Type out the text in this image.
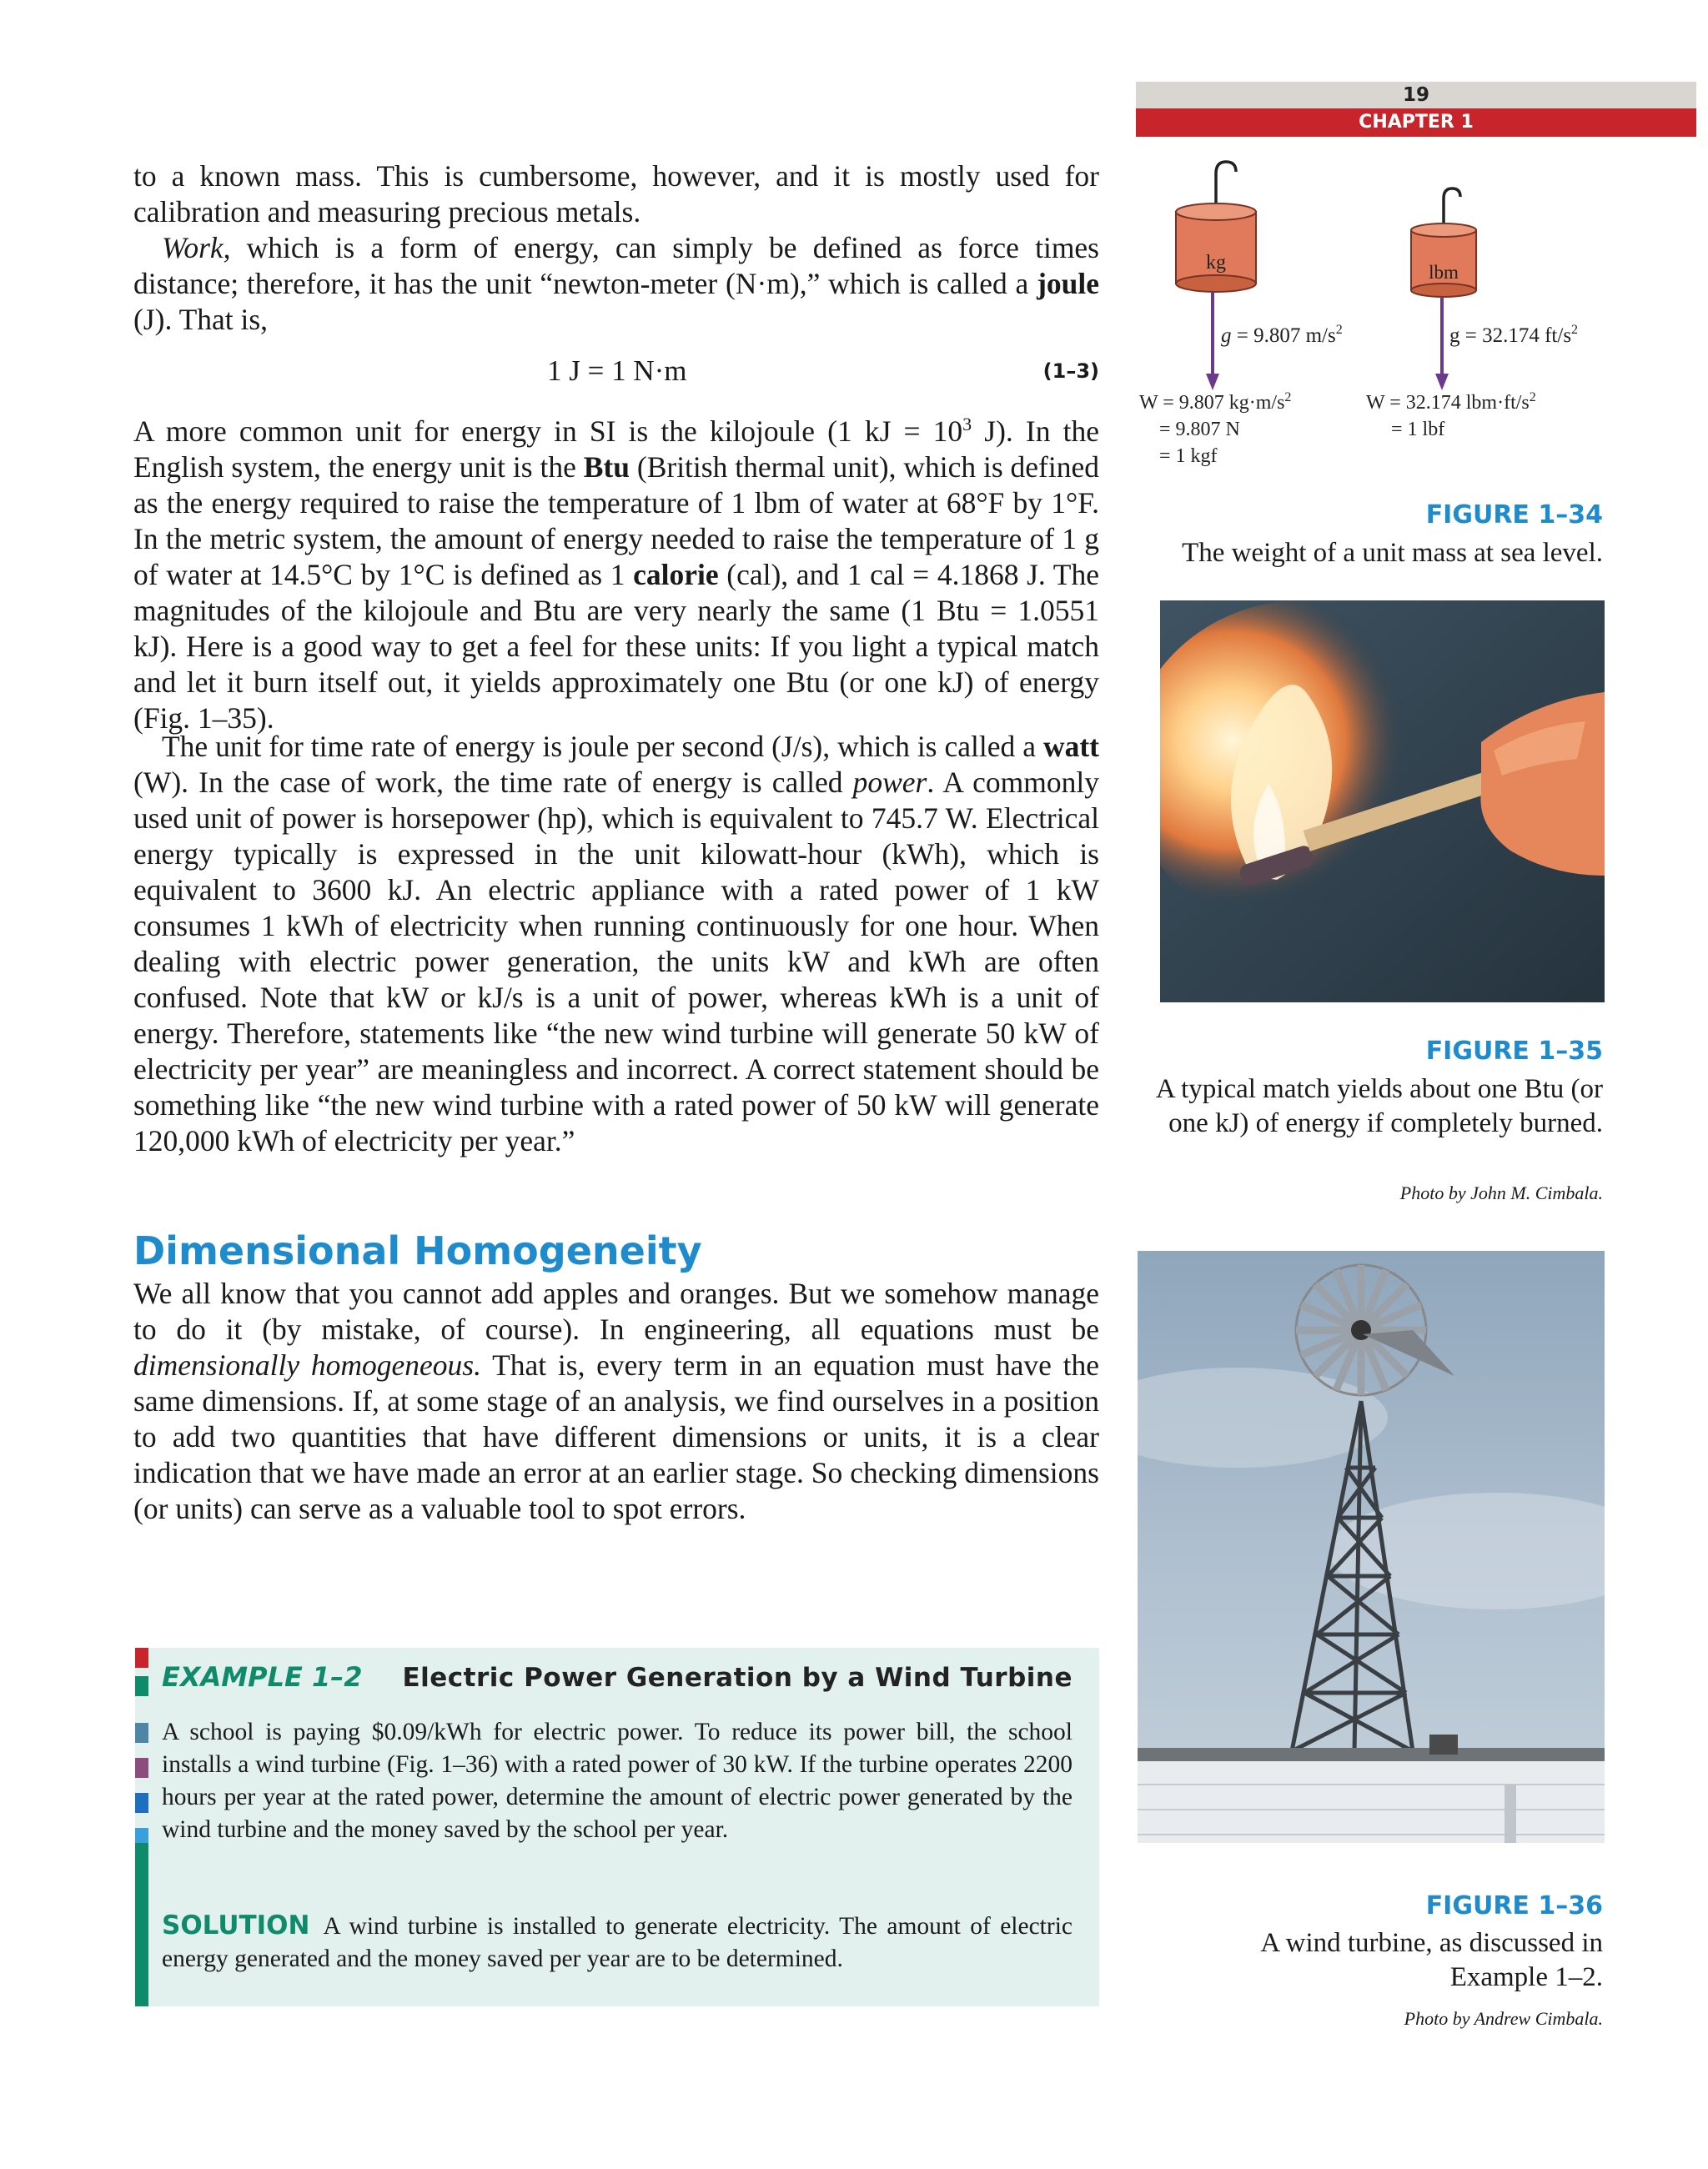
19
CHAPTER 1

to a known mass. This is cumbersome, however, and it is mostly used for calibration and measuring precious metals.

Work, which is a form of energy, can simply be defined as force times distance; therefore, it has the unit “newton-meter (N·m),” which is called a joule (J). That is,

1 J = 1 N·m	(1–3)

A more common unit for energy in SI is the kilojoule (1 kJ = $10^3$ J). In the English system, the energy unit is the Btu (British thermal unit), which is defined as the energy required to raise the temperature of 1 lbm of water at 68°F by 1°F. In the metric system, the amount of energy needed to raise the temperature of 1 g of water at 14.5°C by 1°C is defined as 1 calorie (cal), and 1 cal = 4.1868 J. The magnitudes of the kilojoule and Btu are very nearly the same (1 Btu = 1.0551 kJ). Here is a good way to get a feel for these units: If you light a typical match and let it burn itself out, it yields approximately one Btu (or one kJ) of energy (Fig. 1–35).

The unit for time rate of energy is joule per second (J/s), which is called a watt (W). In the case of work, the time rate of energy is called power. A commonly used unit of power is horsepower (hp), which is equivalent to 745.7 W. Electrical energy typically is expressed in the unit kilowatt-hour (kWh), which is equivalent to 3600 kJ. An electric appliance with a rated power of 1 kW consumes 1 kWh of electricity when running continuously for one hour. When dealing with electric power generation, the units kW and kWh are often confused. Note that kW or kJ/s is a unit of power, whereas kWh is a unit of energy. Therefore, statements like “the new wind turbine will generate 50 kW of electricity per year” are meaningless and incorrect. A correct statement should be something like “the new wind turbine with a rated power of 50 kW will generate 120,000 kWh of electricity per year.”

Dimensional Homogeneity

We all know that you cannot add apples and oranges. But we somehow manage to do it (by mistake, of course). In engineering, all equations must be dimensionally homogeneous. That is, every term in an equation must have the same dimensions. If, at some stage of an analysis, we find ourselves in a position to add two quantities that have different dimensions or units, it is a clear indication that we have made an error at an earlier stage. So checking dimensions (or units) can serve as a valuable tool to spot errors.

EXAMPLE 1–2 Electric Power Generation by a Wind Turbine

A school is paying $0.09/kWh for electric power. To reduce its power bill, the school installs a wind turbine (Fig. 1–36) with a rated power of 30 kW. If the turbine operates 2200 hours per year at the rated power, determine the amount of electric power generated by the wind turbine and the money saved by the school per year.

SOLUTION A wind turbine is installed to generate electricity. The amount of electric energy generated and the money saved per year are to be determined.

kg	lbm
g = 9.807 $m/s^2$	g = 32.174 $ft/s^2$
W = 9.807 $kg\cdot m/s^2$
= 9.807 N
= 1 kgf
W = 32.174 $lbm\cdot ft/s^2$
= 1 lbf
FIGURE 1–34
The weight of a unit mass at sea level.
FIGURE 1–35
A typical match yields about one Btu (or one kJ) of energy if completely burned.
Photo by John M. Cimbala.
FIGURE 1–36
A wind turbine, as discussed in Example 1–2.
Photo by Andrew Cimbala.
